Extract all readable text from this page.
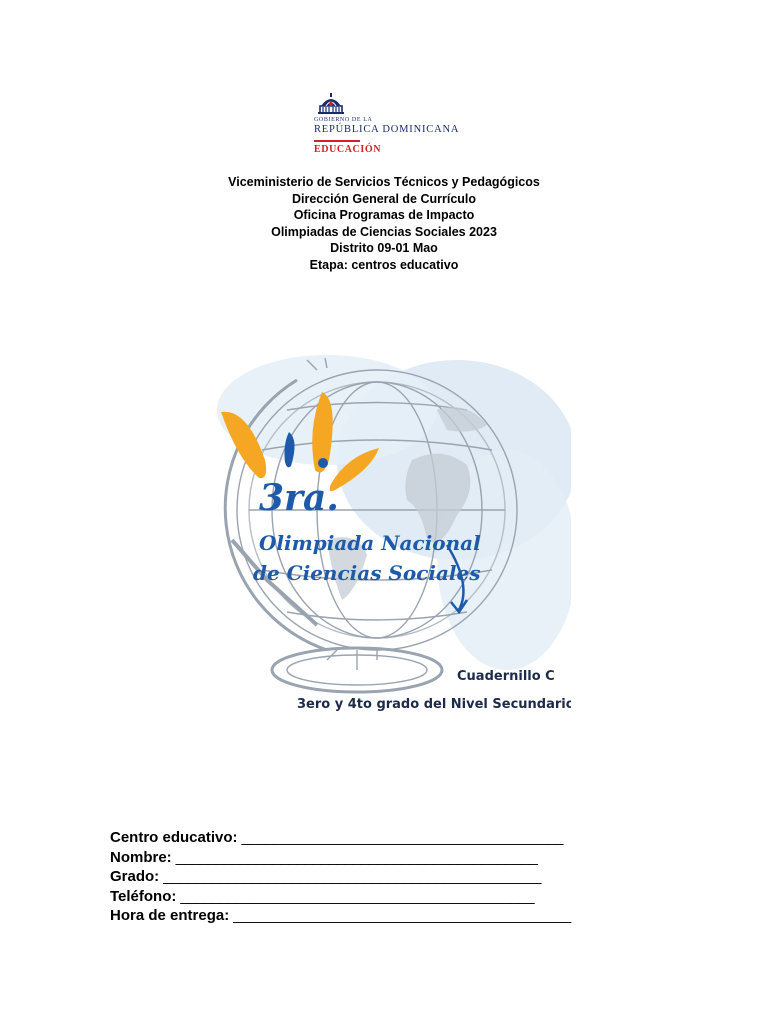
GOBIERNO DE LA
REPÚBLICA DOMINICANA
EDUCACIÓN
Viceministerio de Servicios Técnicos y Pedagógicos
Dirección General de Currículo
Oficina Programas de Impacto
Olimpiadas de Ciencias Sociales 2023
Distrito 09-01 Mao
Etapa: centros educativo
3ra.
Olimpiada Nacional
de Ciencias Sociales
Cuadernillo C
3ero y 4to grado del Nivel Secundario
Centro educativo: ________________________________________
Nombre: _____________________________________________
Grado: _______________________________________________
Teléfono: ____________________________________________
Hora de entrega: __________________________________________
